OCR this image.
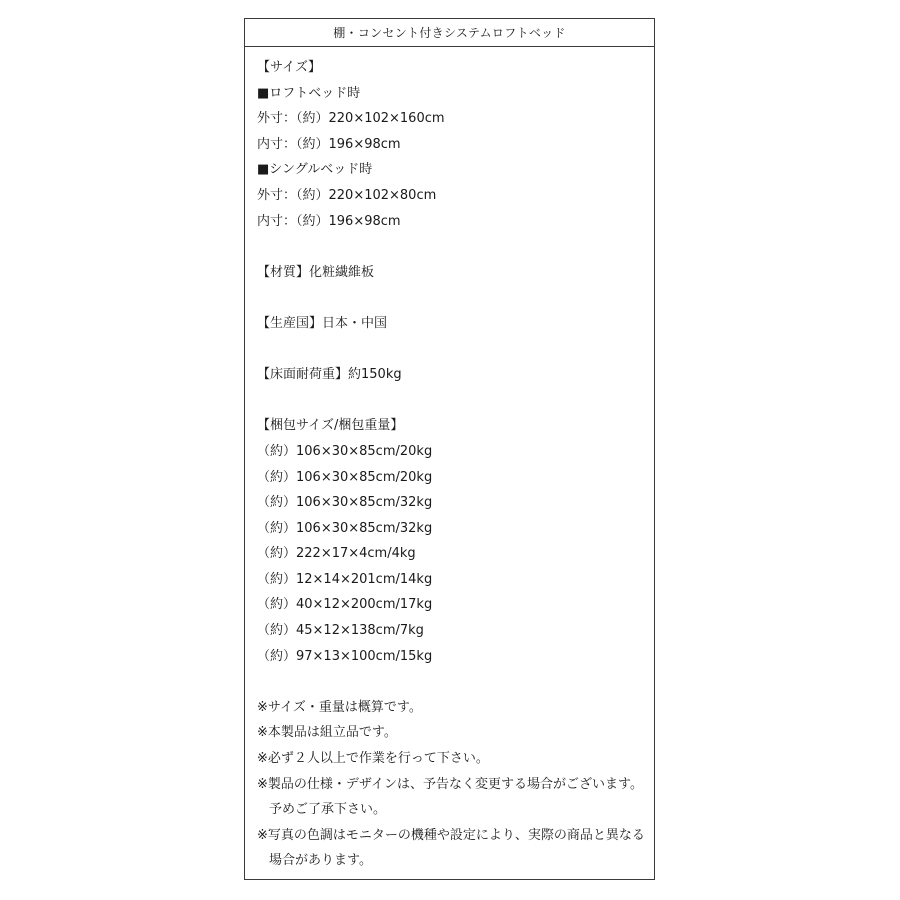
棚・コンセント付きシステムロフトベッド
【サイズ】
■ロフトベッド時
外寸：（約）220×102×160cm
内寸：（約）196×98cm
■シングルベッド時
外寸：（約）220×102×80cm
内寸：（約）196×98cm
【材質】化粧繊維板
【生産国】日本・中国
【床面耐荷重】約150kg
【梱包サイズ/梱包重量】
（約）106×30×85cm/20kg
（約）106×30×85cm/20kg
（約）106×30×85cm/32kg
（約）106×30×85cm/32kg
（約）222×17×4cm/4kg
（約）12×14×201cm/14kg
（約）40×12×200cm/17kg
（約）45×12×138cm/7kg
（約）97×13×100cm/15kg
※サイズ・重量は概算です。
※本製品は組立品です。
※必ず２人以上で作業を行って下さい。
※製品の仕様・デザインは、予告なく変更する場合がございます。
予めご了承下さい。
※写真の色調はモニターの機種や設定により、実際の商品と異なる
場合があります。
